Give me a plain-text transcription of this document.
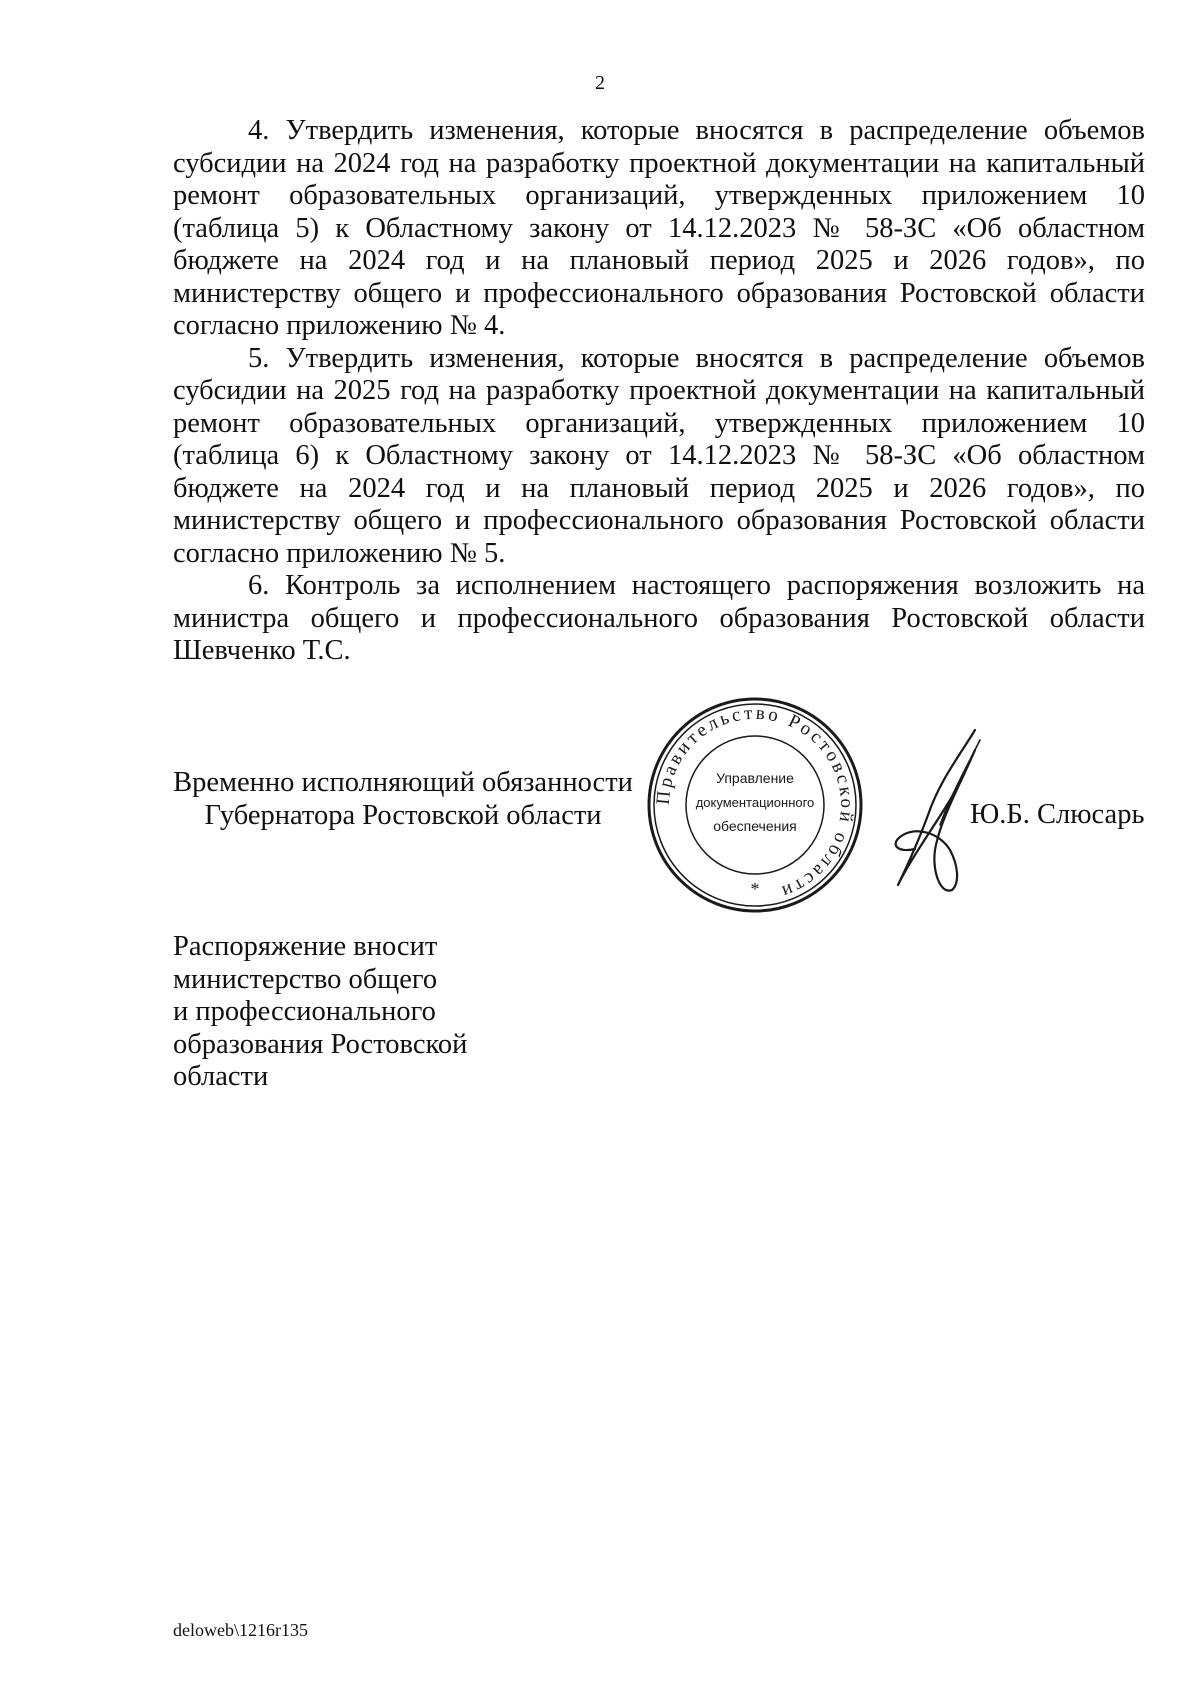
2

4. Утвердить изменения, которые вносятся в распределение объемов субсидии на 2024 год на разработку проектной документации на капитальный ремонт образовательных организаций, утвержденных приложением 10 (таблица 5) к Областному закону от 14.12.2023 № 58-ЗС «Об областном бюджете на 2024 год и на плановый период 2025 и 2026 годов», по министерству общего и профессионального образования Ростовской области согласно приложению № 4.

5. Утвердить изменения, которые вносятся в распределение объемов субсидии на 2025 год на разработку проектной документации на капитальный ремонт образовательных организаций, утвержденных приложением 10 (таблица 6) к Областному закону от 14.12.2023 № 58-ЗС «Об областном бюджете на 2024 год и на плановый период 2025 и 2026 годов», по министерству общего и профессионального образования Ростовской области согласно приложению № 5.

6. Контроль за исполнением настоящего распоряжения возложить на министра общего и профессионального образования Ростовской области Шевченко Т.С.

Временно исполняющий обязанности
Губернатора Ростовской области
Правительство Ростовской области
Управление
документационного
обеспечения
*
Ю.Б. Слюсарь
Распоряжение вносит
министерство общего
и профессионального
образования Ростовской
области
deloweb\1216r135
